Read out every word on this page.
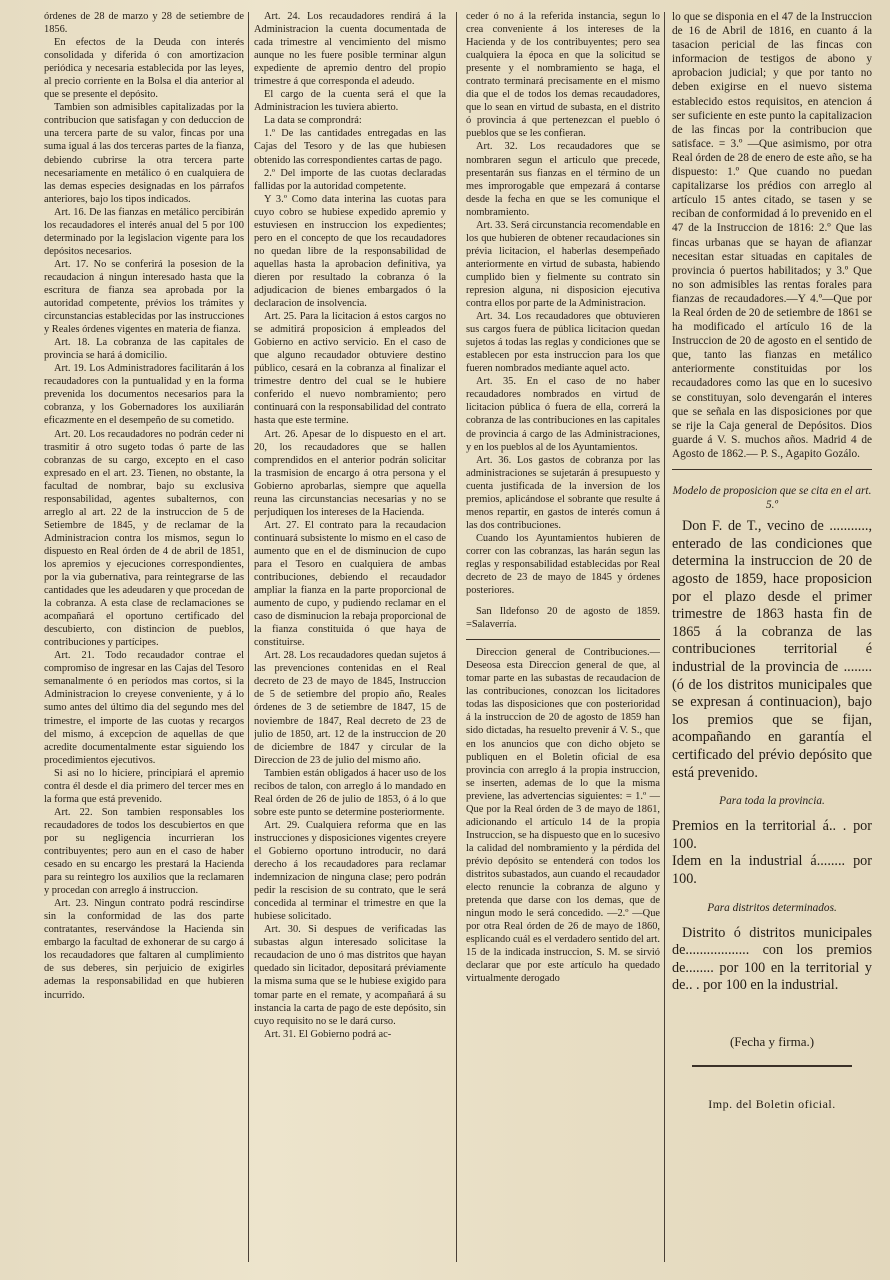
órdenes de 28 de marzo y 28 de setiembre de 1856.

En efectos de la Deuda con interés consolidada y diferida ó con amortizacion periódica y necesaria establecida por las leyes, al precio corriente en la Bolsa el dia anterior al que se presente el depósito.

Tambien son admisibles capitalizadas por la contribucion que satisfagan y con deduccion de una tercera parte de su valor, fincas por una suma igual á las dos terceras partes de la fianza, debiendo cubrirse la otra tercera parte necesariamente en metálico ó en cualquiera de las demas especies designadas en los párrafos anteriores, bajo los tipos indicados.

Art. 16. De las fianzas en metálico percibirán los recaudadores el interés anual del 5 por 100 determinado por la legislacion vigente para los depósitos necesarios.

Art. 17. No se conferirá la posesion de la recaudacion á ningun interesado hasta que la escritura de fianza sea aprobada por la autoridad competente, prévios los trámites y circunstancias establecidas por las instrucciones y Reales órdenes vigentes en materia de fianza.

Art. 18. La cobranza de las capitales de provincia se hará á domicilio.

Art. 19. Los Administradores facilitarán á los recaudadores con la puntualidad y en la forma prevenida los documentos necesarios para la cobranza, y los Gobernadores los auxiliarán eficazmente en el desempeño de su cometido.

Art. 20. Los recaudadores no podrán ceder ni trasmitir á otro sugeto todas ó parte de las cobranzas de su cargo, excepto en el caso expresado en el art. 23. Tienen, no obstante, la facultad de nombrar, bajo su exclusiva responsabilidad, agentes subalternos, con arreglo al art. 22 de la instruccion de 5 de Setiembre de 1845, y de reclamar de la Administracion contra los mismos, segun lo dispuesto en Real órden de 4 de abril de 1851, los apremios y ejecuciones correspondientes, por la via gubernativa, para reintegrarse de las cantidades que les adeudaren y que procedan de la cobranza. A esta clase de reclamaciones se acompañará el oportuno certificado del descubierto, con distincion de pueblos, contribuciones y partícipes.

Art. 21. Todo recaudador contrae el compromiso de ingresar en las Cajas del Tesoro semanalmente ó en períodos mas cortos, si la Administracion lo creyese conveniente, y á lo sumo antes del último dia del segundo mes del trimestre, el importe de las cuotas y recargos del mismo, á excepcion de aquellas de que acredite documentalmente estar siguiendo los procedimientos ejecutivos.

Si asi no lo hiciere, principiará el apremio contra él desde el dia primero del tercer mes en la forma que está prevenido.

Art. 22. Son tambien responsables los recaudadores de todos los descubiertos en que por su negligencia incurrieran los contribuyentes; pero aun en el caso de haber cesado en su encargo les prestará la Hacienda para su reintegro los auxilios que la reclamaren y procedan con arreglo á instruccion.

Art. 23. Ningun contrato podrá rescindirse sin la conformidad de las dos parte contratantes, reservándose la Hacienda sin embargo la facultad de exhonerar de su cargo á los recaudadores que faltaren al cumplimiento de sus deberes, sin perjuicio de exigirles ademas la responsabilidad en que hubieren incurrido.

Art. 24. Los recaudadores rendirá á la Administracion la cuenta documentada de cada trimestre al vencimiento del mismo aunque no les fuere posible terminar algun expediente de apremio dentro del propio trimestre á que corresponda el adeudo.

El cargo de la cuenta será el que la Administracion les tuviera abierto.

La data se comprondrá:

1.º De las cantidades entregadas en las Cajas del Tesoro y de las que hubiesen obtenido las correspondientes cartas de pago.

2.º Del importe de las cuotas declaradas fallidas por la autoridad competente.

Y 3.º Como data interina las cuotas para cuyo cobro se hubiese expedido apremio y estuviesen en instruccion los expedientes; pero en el concepto de que los recaudadores no quedan libre de la responsabilidad de aquellas hasta la aprobacion definitiva, ya dieren por resultado la cobranza ó la adjudicacion de bienes embargados ó la declaracion de insolvencia.

Art. 25. Para la licitacion á estos cargos no se admitirá proposicion á empleados del Gobierno en activo servicio. En el caso de que alguno recaudador obtuviere destino público, cesará en la cobranza al finalizar el trimestre dentro del cual se le hubiere conferido el nuevo nombramiento; pero continuará con la responsabilidad del contrato hasta que este termine.

Art. 26. Apesar de lo dispuesto en el art. 20, los recaudadores que se hallen comprendidos en el anterior podrán solicitar la trasmision de encargo á otra persona y el Gobierno aprobarlas, siempre que aquella reuna las circunstancias necesarias y no se perjudiquen los intereses de la Hacienda.

Art. 27. El contrato para la recaudacion continuará subsistente lo mismo en el caso de aumento que en el de disminucion de cupo para el Tesoro en cualquiera de ambas contribuciones, debiendo el recaudador ampliar la fianza en la parte proporcional de aumento de cupo, y pudiendo reclamar en el caso de disminucion la rebaja proporcional de la fianza constituida ó que haya de constituirse.

Art. 28. Los recaudadores quedan sujetos á las prevenciones contenidas en el Real decreto de 23 de mayo de 1845, Instruccion de 5 de setiembre del propio año, Reales órdenes de 3 de setiembre de 1847, 15 de noviembre de 1847, Real decreto de 23 de julio de 1850, art. 12 de la instruccion de 20 de diciembre de 1847 y circular de la Direccion de 23 de julio del mismo año.

Tambien están obligados á hacer uso de los recibos de talon, con arreglo á lo mandado en Real órden de 26 de julio de 1853, ó á lo que sobre este punto se determine posteriormente.

Art. 29. Cualquiera reforma que en las instrucciones y disposiciones vigentes creyere el Gobierno oportuno introducir, no dará derecho á los recaudadores para reclamar indemnizacion de ninguna clase; pero podrán pedir la rescision de su contrato, que le será concedida al terminar el trimestre en que la hubiese solicitado.

Art. 30. Si despues de verificadas las subastas algun interesado solicitase la recaudacion de uno ó mas distritos que hayan quedado sin licitador, depositará préviamente la misma suma que se le hubiese exigido para tomar parte en el remate, y acompañará á su instancia la carta de pago de este depósito, sin cuyo requisito no se le dará curso.

Art. 31. El Gobierno podrá ac-

ceder ó no á la referida instancia, segun lo crea conveniente á los intereses de la Hacienda y de los contribuyentes; pero sea cualquiera la época en que la solicitud se presente y el nombramiento se haga, el contrato terminará precisamente en el mismo dia que el de todos los demas recaudadores, que lo sean en virtud de subasta, en el distrito ó provincia á que pertenezcan el pueblo ó pueblos que se les confieran.

Art. 32. Los recaudadores que se nombraren segun el articulo que precede, presentarán sus fianzas en el término de un mes improrogable que empezará á contarse desde la fecha en que se les comunique el nombramiento.

Art. 33. Será circunstancia recomendable en los que hubieren de obtener recaudaciones sin prévia licitacion, el haberlas desempeñado anteriormente en virtud de subasta, habiendo cumplido bien y fielmente su contrato sin represion alguna, ni disposicion ejecutiva contra ellos por parte de la Administracion.

Art. 34. Los recaudadores que obtuvieren sus cargos fuera de pública licitacion quedan sujetos á todas las reglas y condiciones que se establecen por esta instruccion para los que fueren nombrados mediante aquel acto.

Art. 35. En el caso de no haber recaudadores nombrados en virtud de licitacion pública ó fuera de ella, correrá la cobranza de las contribuciones en las capitales de provincia á cargo de las Administraciones, y en los pueblos al de los Ayuntamientos.

Art. 36. Los gastos de cobranza por las administraciones se sujetarán á presupuesto y cuenta justificada de la inversion de los premios, aplicándose el sobrante que resulte á menos repartir, en gastos de interés comun á las dos contribuciones.

Cuando los Ayuntamientos hubieren de correr con las cobranzas, las harán segun las reglas y responsabilidad establecidas por Real decreto de 23 de mayo de 1845 y órdenes posteriores.

San Ildefonso 20 de agosto de 1859. =Salaverría.

Direccion general de Contribuciones.—Deseosa esta Direccion general de que, al tomar parte en las subastas de recaudacion de las contribuciones, conozcan los licitadores todas las disposiciones que con posterioridad á la instruccion de 20 de agosto de 1859 han sido dictadas, ha resuelto prevenir á V. S., que en los anuncios que con dicho objeto se publiquen en el Boletin oficial de esa provincia con arreglo á la propia instruccion, se inserten, ademas de lo que la misma previene, las advertencias siguientes: = 1.º —Que por la Real órden de 3 de mayo de 1861, adicionando el artículo 14 de la propia Instruccion, se ha dispuesto que en lo sucesivo la calidad del nombramiento y la pérdida del prévio depósito se entenderá con todos los distritos subastados, aun cuando el recaudador electo renuncie la cobranza de alguno y pretenda que darse con los demas, que de ningun modo le será concedido. —2.º —Que por otra Real órden de 26 de mayo de 1860, esplicando cuál es el verdadero sentido del art. 15 de la indicada instruccion, S. M. se sirvió declarar que por este artículo ha quedado virtualmente derogado

lo que se disponia en el 47 de la Instruccion de 16 de Abril de 1816, en cuanto á la tasacion pericial de las fincas con informacion de testigos de abono y aprobacion judicial; y que por tanto no deben exigirse en el nuevo sistema establecido estos requisitos, en atencion á ser suficiente en este punto la capitalizacion de las fincas por la contribucion que satisface. = 3.º —Que asimismo, por otra Real órden de 28 de enero de este año, se ha dispuesto: 1.º Que cuando no puedan capitalizarse los prédios con arreglo al artículo 15 antes citado, se tasen y se reciban de conformidad á lo prevenido en el 47 de la Instruccion de 1816: 2.º Que las fincas urbanas que se hayan de afianzar necesitan estar situadas en capitales de provincia ó puertos habilitados; y 3.º Que no son admisibles las rentas forales para fianzas de recaudadores.—Y 4.º—Que por la Real órden de 20 de setiembre de 1861 se ha modificado el artículo 16 de la Instruccion de 20 de agosto en el sentido de que, tanto las fianzas en metálico anteriormente constituidas por los recaudadores como las que en lo sucesivo se constituyan, solo devengarán el interes que se señala en las disposiciones por que se rije la Caja general de Depósitos. Dios guarde á V. S. muchos años. Madrid 4 de Agosto de 1862.— P. S., Agapito Gozálo.

Modelo de proposicion que se cita en el art. 5.º

Don F. de T., vecino de ..........., enterado de las condiciones que determina la instruccion de 20 de agosto de 1859, hace proposicion por el plazo desde el primer trimestre de 1863 hasta fin de 1865 á la cobranza de las contribuciones territorial é industrial de la provincia de ........ (ó de los distritos municipales que se expresan á continuacion), bajo los premios que se fijan, acompañando en garantía el certificado del prévio depósito que está prevenido.

Para toda la provincia.

Premios en la territorial á.. . por 100.

Idem en la industrial á........ por 100.

Para distritos determinados.

Distrito ó distritos municipales de.................. con los premios de........ por 100 en la territorial y de.. . por 100 en la industrial.

(Fecha y firma.)

Imp. del Boletin oficial.
